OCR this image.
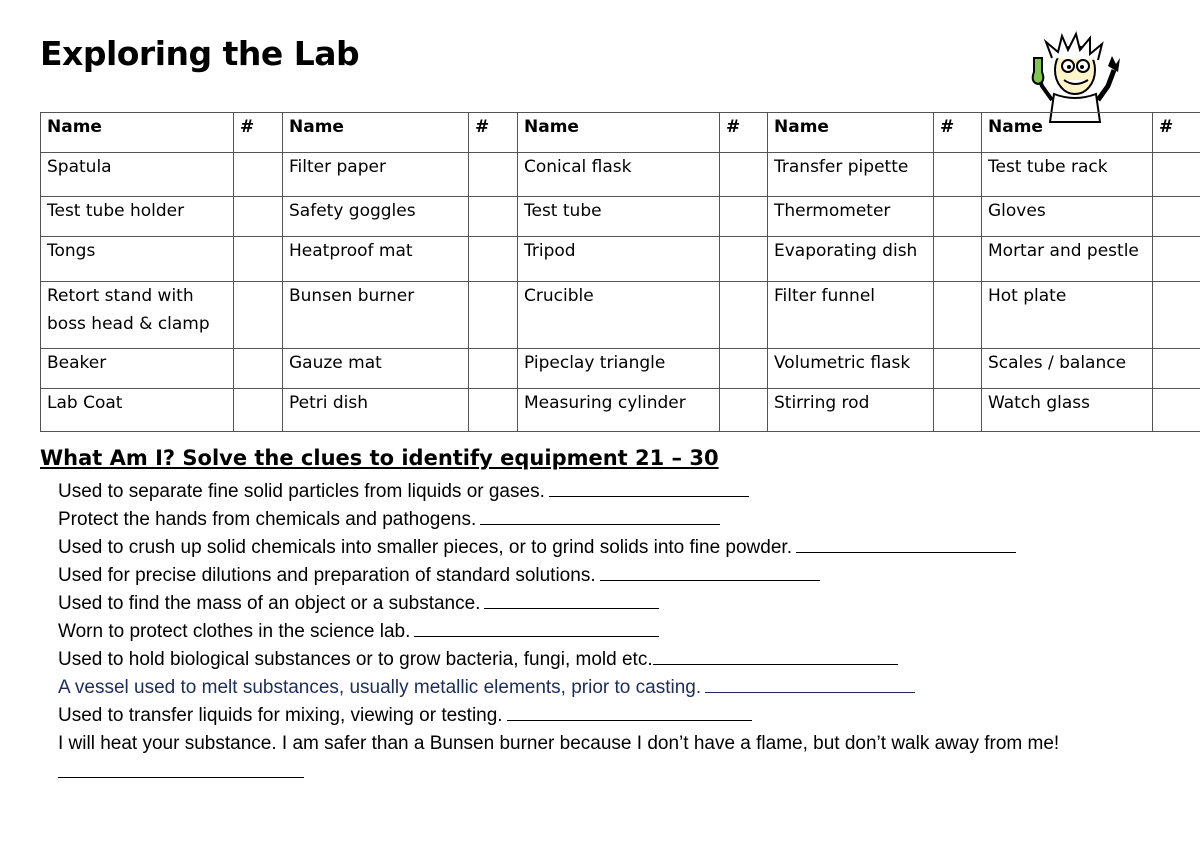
Exploring the Lab
Name	#	Name	#	Name	#	Name	#	Name	#
Spatula		Filter paper		Conical flask		Transfer pipette		Test tube rack	
Test tube holder		Safety goggles		Test tube		Thermometer		Gloves	
Tongs		Heatproof mat		Tripod		Evaporating dish		Mortar and pestle	
Retort stand with boss head & clamp		Bunsen burner		Crucible		Filter funnel		Hot plate	
Beaker		Gauze mat		Pipeclay triangle		Volumetric flask		Scales / balance	
Lab Coat		Petri dish		Measuring cylinder		Stirring rod		Watch glass	
What Am I? Solve the clues to identify equipment 21 – 30
Used to separate fine solid particles from liquids or gases.
Protect the hands from chemicals and pathogens.
Used to crush up solid chemicals into smaller pieces, or to grind solids into fine powder.
Used for precise dilutions and preparation of standard solutions.
Used to find the mass of an object or a substance.
Worn to protect clothes in the science lab.
Used to hold biological substances or to grow bacteria, fungi, mold etc.
A vessel used to melt substances, usually metallic elements, prior to casting.
Used to transfer liquids for mixing, viewing or testing.
I will heat your substance. I am safer than a Bunsen burner because I don’t have a flame, but don’t walk away from me!
